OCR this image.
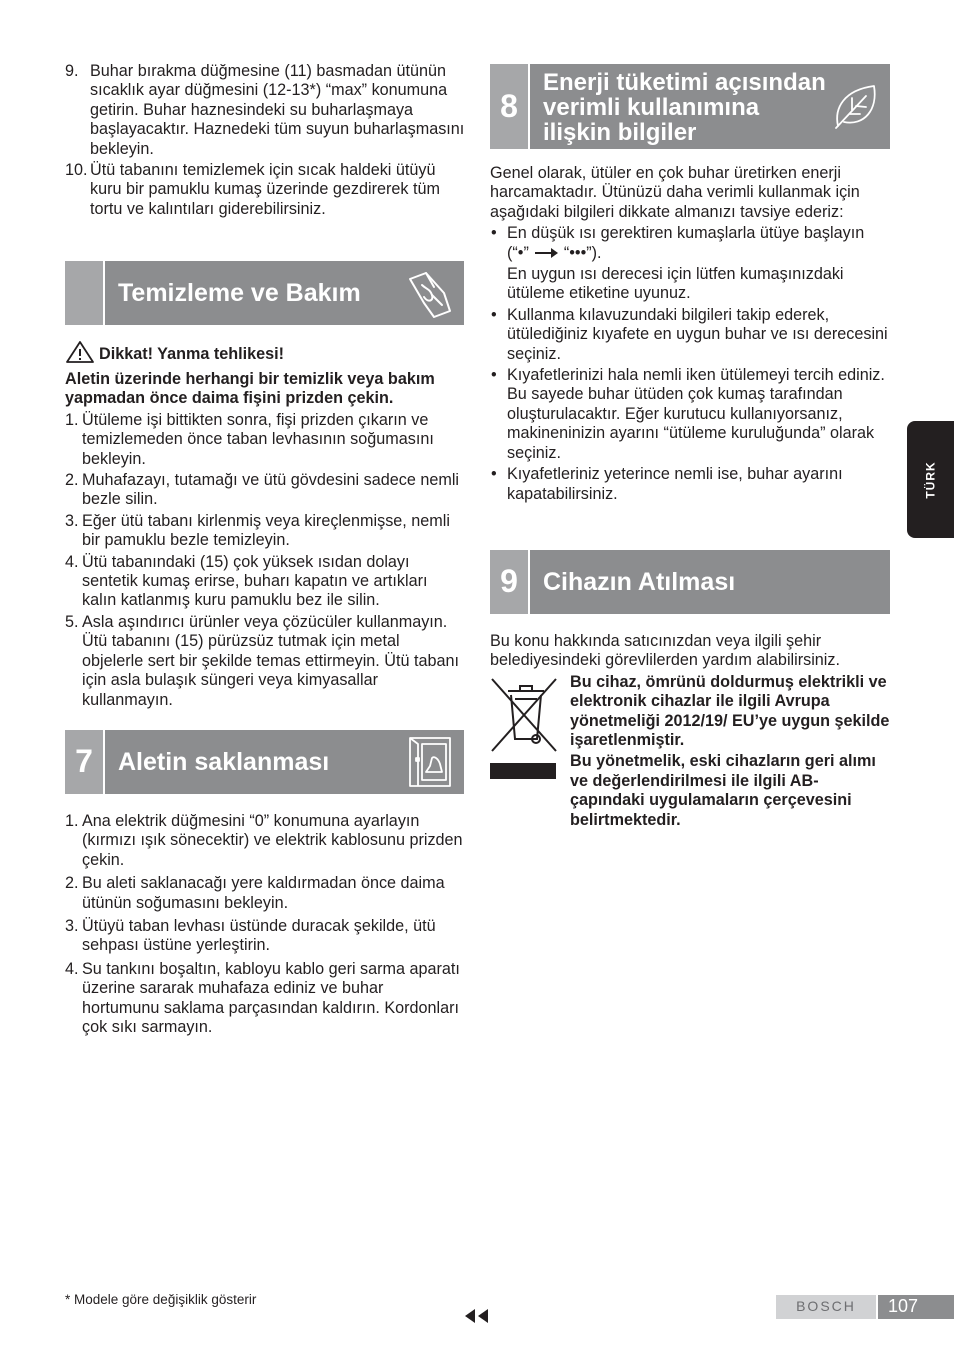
9. Buhar bırakma düğmesine (11) basmadan ütünün sıcaklık ayar düğmesini (12-13*) “max” konumuna getirin. Buhar haznesindeki su buharlaşmaya başlayacaktır. Haznedeki tüm suyun buharlaşmasını bekleyin.

10. Ütü tabanını temizlemek için sıcak haldeki ütüyü kuru bir pamuklu kumaş üzerinde gezdirerek tüm tortu ve kalıntıları giderebilirsiniz.

Temizleme ve Bakım
Dikkat! Yanma tehlikesi!

Aletin üzerinde herhangi bir temizlik veya bakım yapmadan önce daima fişini prizden çekin.

1. Ütüleme işi bittikten sonra, fişi prizden çıkarın ve temizlemeden önce taban levhasının soğumasını bekleyin.

2. Muhafazayı, tutamağı ve ütü gövdesini sadece nemli bezle silin.

3. Eğer ütü tabanı kirlenmiş veya kireçlenmişse, nemli bir pamuklu bezle temizleyin.

4. Ütü tabanındaki (15) çok yüksek ısıdan dolayı sentetik kumaş erirse, buharı kapatın ve artıkları kalın katlanmış kuru pamuklu bez ile silin.

5. Asla aşındırıcı ürünler veya çözücüler kullanmayın. Ütü tabanını (15) pürüzsüz tutmak için metal objelerle sert bir şekilde temas ettirmeyin. Ütü tabanı için asla bulaşık süngeri veya kimyasallar kullanmayın.

7	Aletin saklanması
1. Ana elektrik düğmesini “0” konumuna ayarlayın (kırmızı ışık sönecektir) ve elektrik kablosunu prizden çekin.

2. Bu aleti saklanacağı yere kaldırmadan önce daima ütünün soğumasını bekleyin.

3. Ütüyü taban levhası üstünde duracak şekilde, ütü sehpası üstüne yerleştirin.

4. Su tankını boşaltın, kabloyu kablo geri sarma aparatı üzerine sararak muhafaza ediniz ve buhar hortumunu saklama parçasından kaldırın. Kordonları çok sıkı sarmayın.

8
Enerji tüketimi açısından
verimli kullanımına
ilişkin bilgiler

Genel olarak, ütüler en çok buhar üretirken enerji harcamaktadır. Ütünüzü daha verimli kullanmak için aşağıdaki bilgileri dikkate almanızı tavsiye ederiz:

• En düşük ısı gerektiren kumaşlarla ütüye başlayın (“•”  “•••”).

En uygun ısı derecesi için lütfen kumaşınızdaki ütüleme etiketine uyunuz.

• Kullanma kılavuzundaki bilgileri takip ederek, ütülediğiniz kıyafete en uygun buhar ve ısı derecesini seçiniz.

• Kıyafetlerinizi hala nemli iken ütülemeyi tercih ediniz. Bu sayede buhar ütüden çok kumaş tarafından oluşturulacaktır. Eğer kurutucu kullanıyorsanız, makineninizin ayarını “ütüleme kuruluğunda” olarak seçiniz.

• Kıyafetleriniz yeterince nemli ise, buhar ayarını kapatabilirsiniz.

9	Cihazın Atılması

Bu konu hakkında satıcınızdan veya ilgili şehir belediyesindeki görevlilerden yardım alabilirsiniz.

Bu cihaz, ömrünü doldurmuş elektrikli ve elektronik cihazlar ile ilgili Avrupa yönetmeliği 2012/19/ EU’ye uygun şekilde işaretlenmiştir.

Bu yönetmelik, eski cihazların geri alımı ve değerlendirilmesi ile ilgili AB-çapındaki uygulamaların çerçevesini belirtmektedir.

TÜRK
* Modele göre değişiklik gösterir	BOSCH	107
